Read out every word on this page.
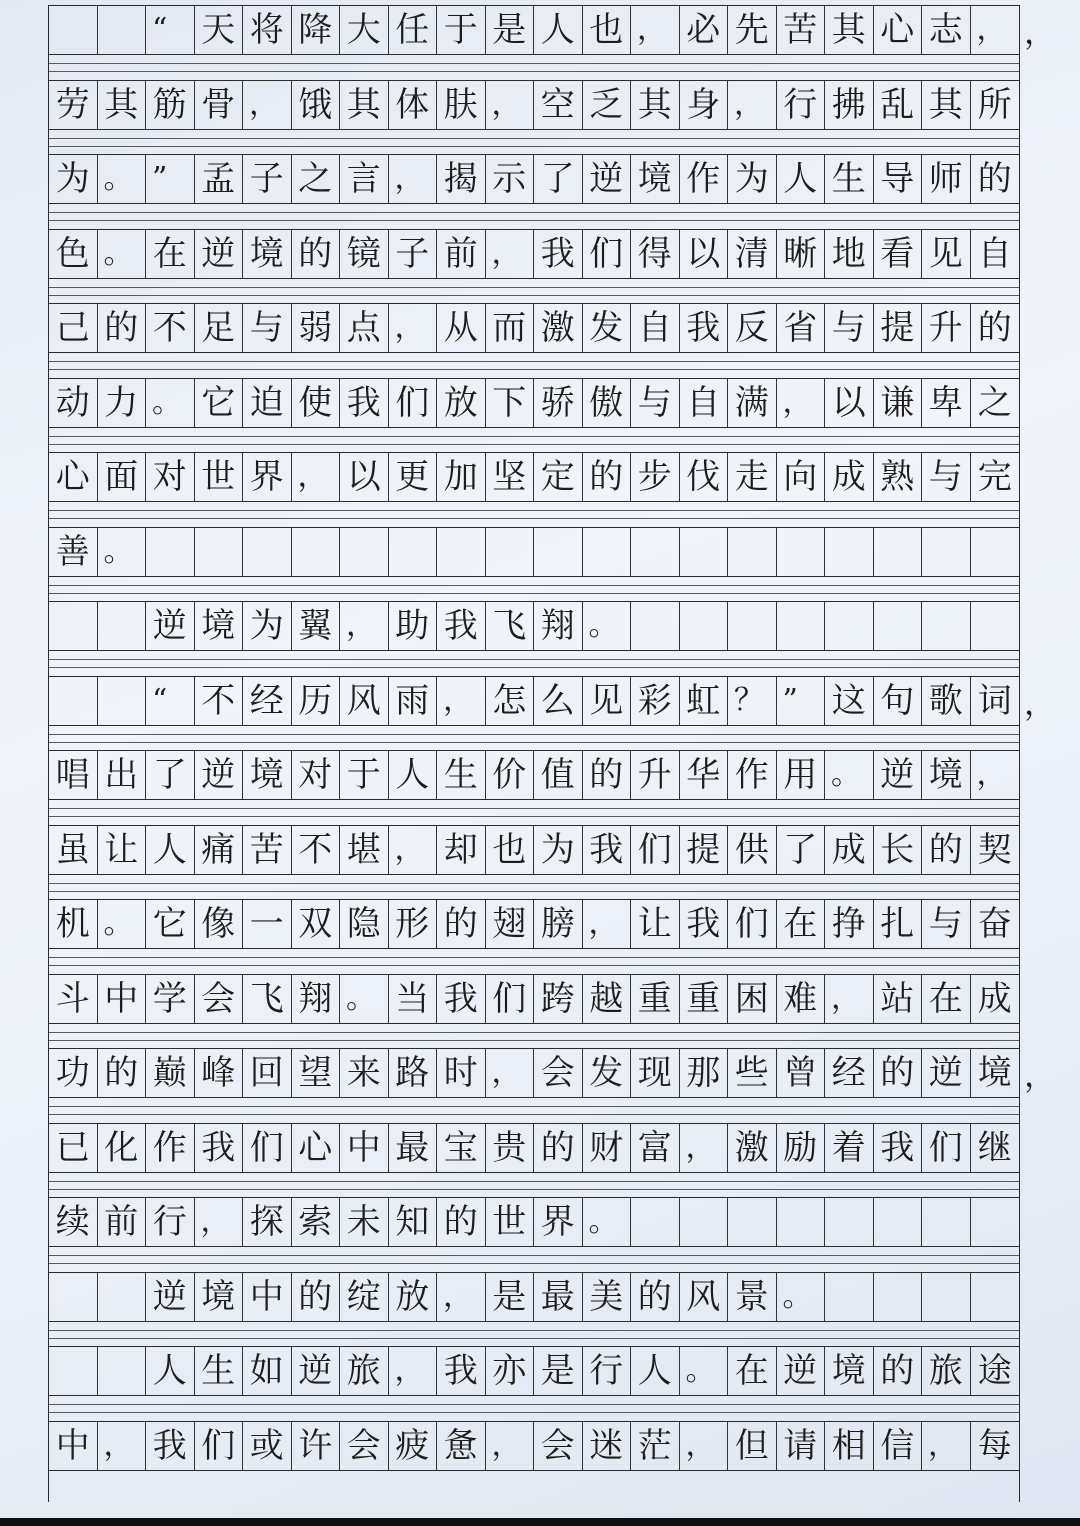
“ 天 将 降 大 任 于 是 人 也 ， 必 先 苦 其 心 志 ，
劳 其 筋 骨 ， 饿 其 体 肤 ， 空 乏 其 身 ， 行 拂 乱 其 所
为 。 ” 孟 子 之 言 ， 揭 示 了 逆 境 作 为 人 生 导 师 的
色 。 在 逆 境 的 镜 子 前 ， 我 们 得 以 清 晰 地 看 见 自
己 的 不 足 与 弱 点 ， 从 而 激 发 自 我 反 省 与 提 升 的
动 力 。 它 迫 使 我 们 放 下 骄 傲 与 自 满 ， 以 谦 卑 之
心 面 对 世 界 ， 以 更 加 坚 定 的 步 伐 走 向 成 熟 与 完
善 。
逆 境 为 翼 ， 助 我 飞 翔 。
“ 不 经 历 风 雨 ， 怎 么 见 彩 虹 ？ ” 这 句 歌 词
唱 出 了 逆 境 对 于 人 生 价 值 的 升 华 作 用 。 逆 境 ，
虽 让 人 痛 苦 不 堪 ， 却 也 为 我 们 提 供 了 成 长 的 契
机 。 它 像 一 双 隐 形 的 翅 膀 ， 让 我 们 在 挣 扎 与 奋
斗 中 学 会 飞 翔 。 当 我 们 跨 越 重 重 困 难 ， 站 在 成
功 的 巅 峰 回 望 来 路 时 ， 会 发 现 那 些 曾 经 的 逆 境
已 化 作 我 们 心 中 最 宝 贵 的 财 富 ， 激 励 着 我 们 继
续 前 行 ， 探 索 未 知 的 世 界 。
逆 境 中 的 绽 放 ， 是 最 美 的 风 景 。
人 生 如 逆 旅 ， 我 亦 是 行 人 。 在 逆 境 的 旅 途
中 ， 我 们 或 许 会 疲 惫 ， 会 迷 茫 ， 但 请 相 信 ， 每
，
，
，
